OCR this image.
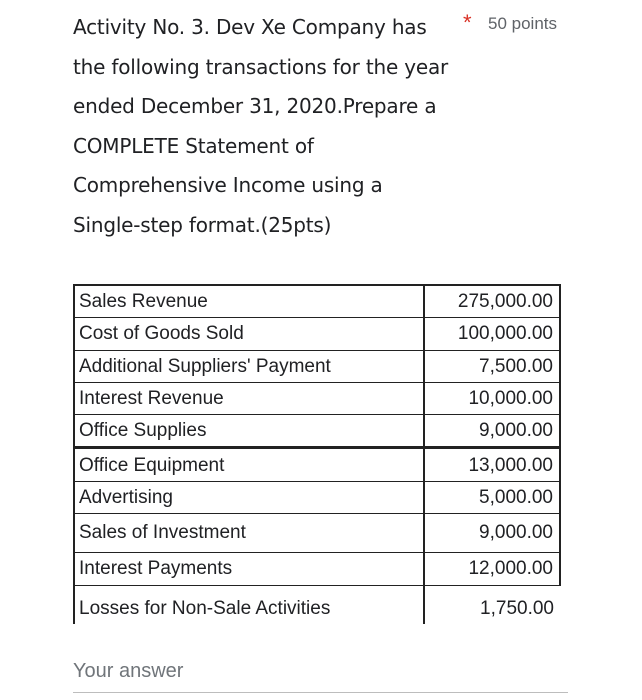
Activity No. 3. Dev Xe Company has the following transactions for the year ended December 31, 2020.Prepare a COMPLETE Statement of Comprehensive Income using a Single-step format.(25pts)
* 50 points
Sales Revenue	275,000.00
Cost of Goods Sold	100,000.00
Additional Suppliers' Payment	7,500.00
Interest Revenue	10,000.00
Office Supplies	9,000.00
Office Equipment	13,000.00
Advertising	5,000.00
Sales of Investment	9,000.00
Interest Payments	12,000.00
Losses for Non-Sale Activities	1,750.00
Your answer
